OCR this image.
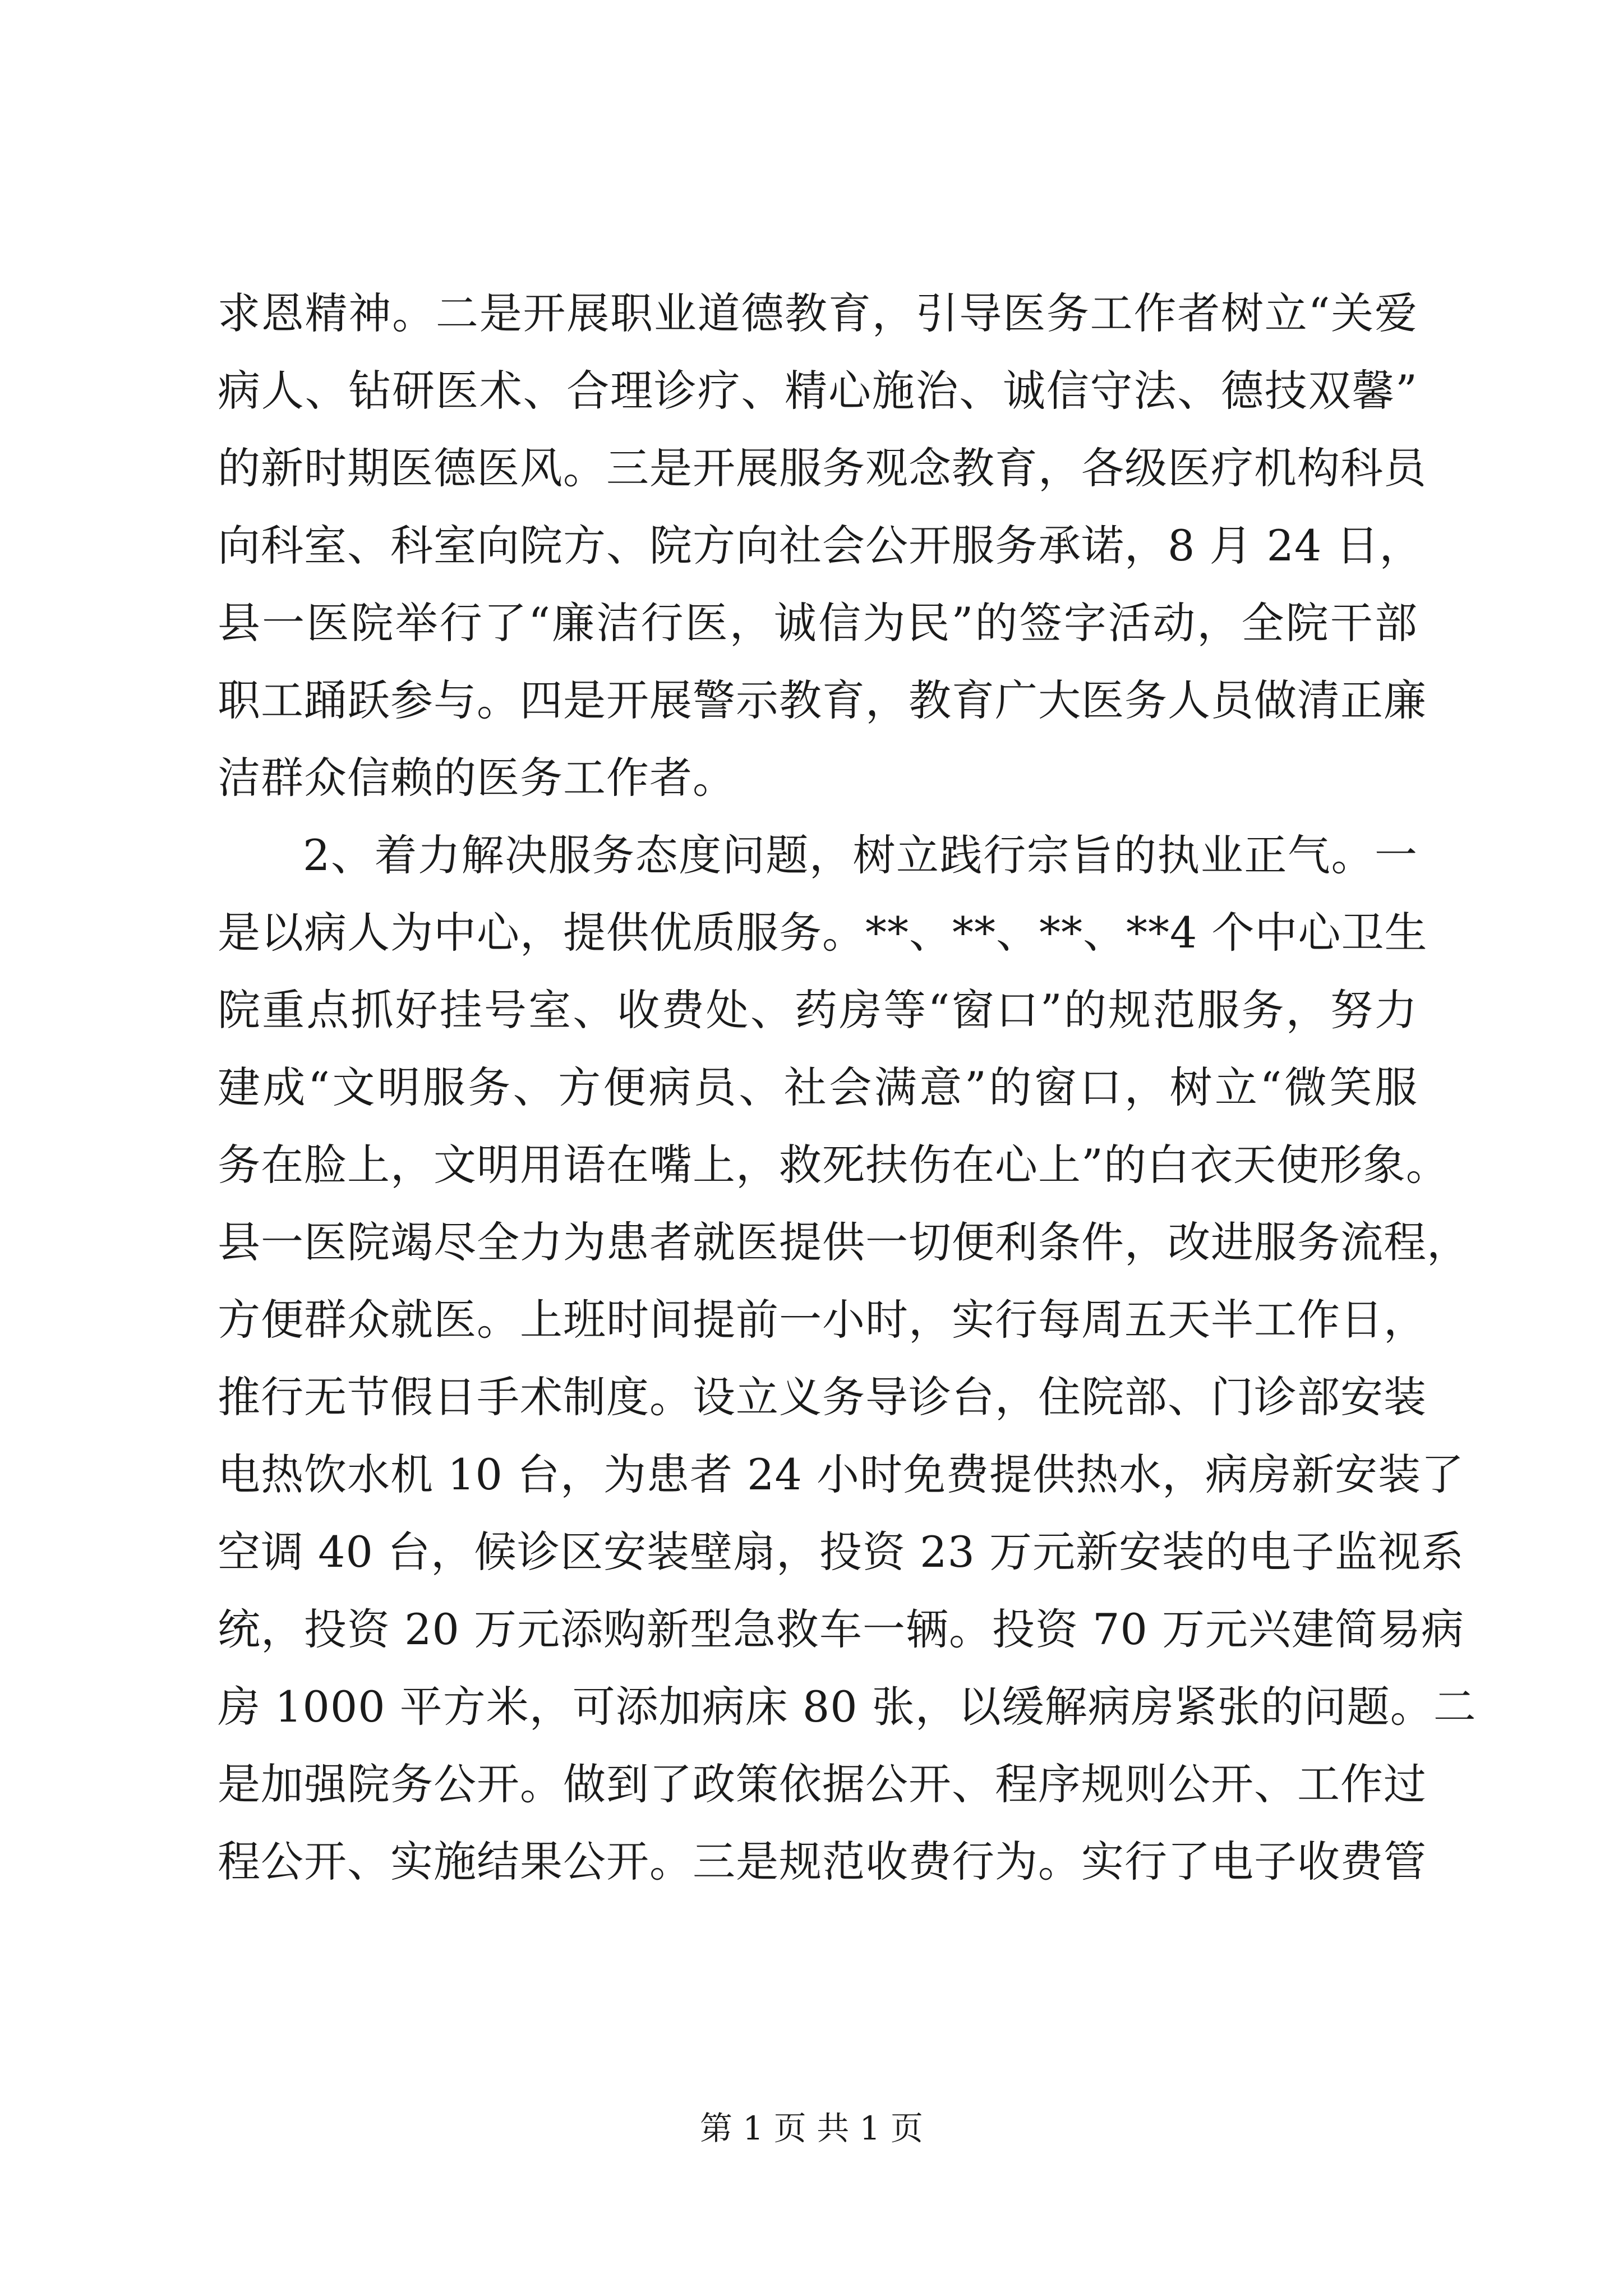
求恩精神。二是开展职业道德教育，引导医务工作者树立“关爱
病人、钻研医术、合理诊疗、精心施治、诚信守法、德技双馨”
的新时期医德医风。三是开展服务观念教育，各级医疗机构科员
向科室、科室向院方、院方向社会公开服务承诺，8 月 24 日，
县一医院举行了“廉洁行医，诚信为民”的签字活动，全院干部
职工踊跃参与。四是开展警示教育，教育广大医务人员做清正廉
洁群众信赖的医务工作者。
2、着力解决服务态度问题，树立践行宗旨的执业正气。一
是以病人为中心，提供优质服务。**、**、**、**4 个中心卫生
院重点抓好挂号室、收费处、药房等“窗口”的规范服务，努力
建成“文明服务、方便病员、社会满意”的窗口，树立“微笑服
务在脸上，文明用语在嘴上，救死扶伤在心上”的白衣天使形象。
县一医院竭尽全力为患者就医提供一切便利条件，改进服务流程，
方便群众就医。上班时间提前一小时，实行每周五天半工作日，
推行无节假日手术制度。设立义务导诊台，住院部、门诊部安装
电热饮水机 10 台，为患者 24 小时免费提供热水，病房新安装了
空调 40 台，候诊区安装壁扇，投资 23 万元新安装的电子监视系
统，投资 20 万元添购新型急救车一辆。投资 70 万元兴建简易病
房 1000 平方米，可添加病床 80 张，以缓解病房紧张的问题。二
是加强院务公开。做到了政策依据公开、程序规则公开、工作过
程公开、实施结果公开。三是规范收费行为。实行了电子收费管
第 1 页 共 1 页
